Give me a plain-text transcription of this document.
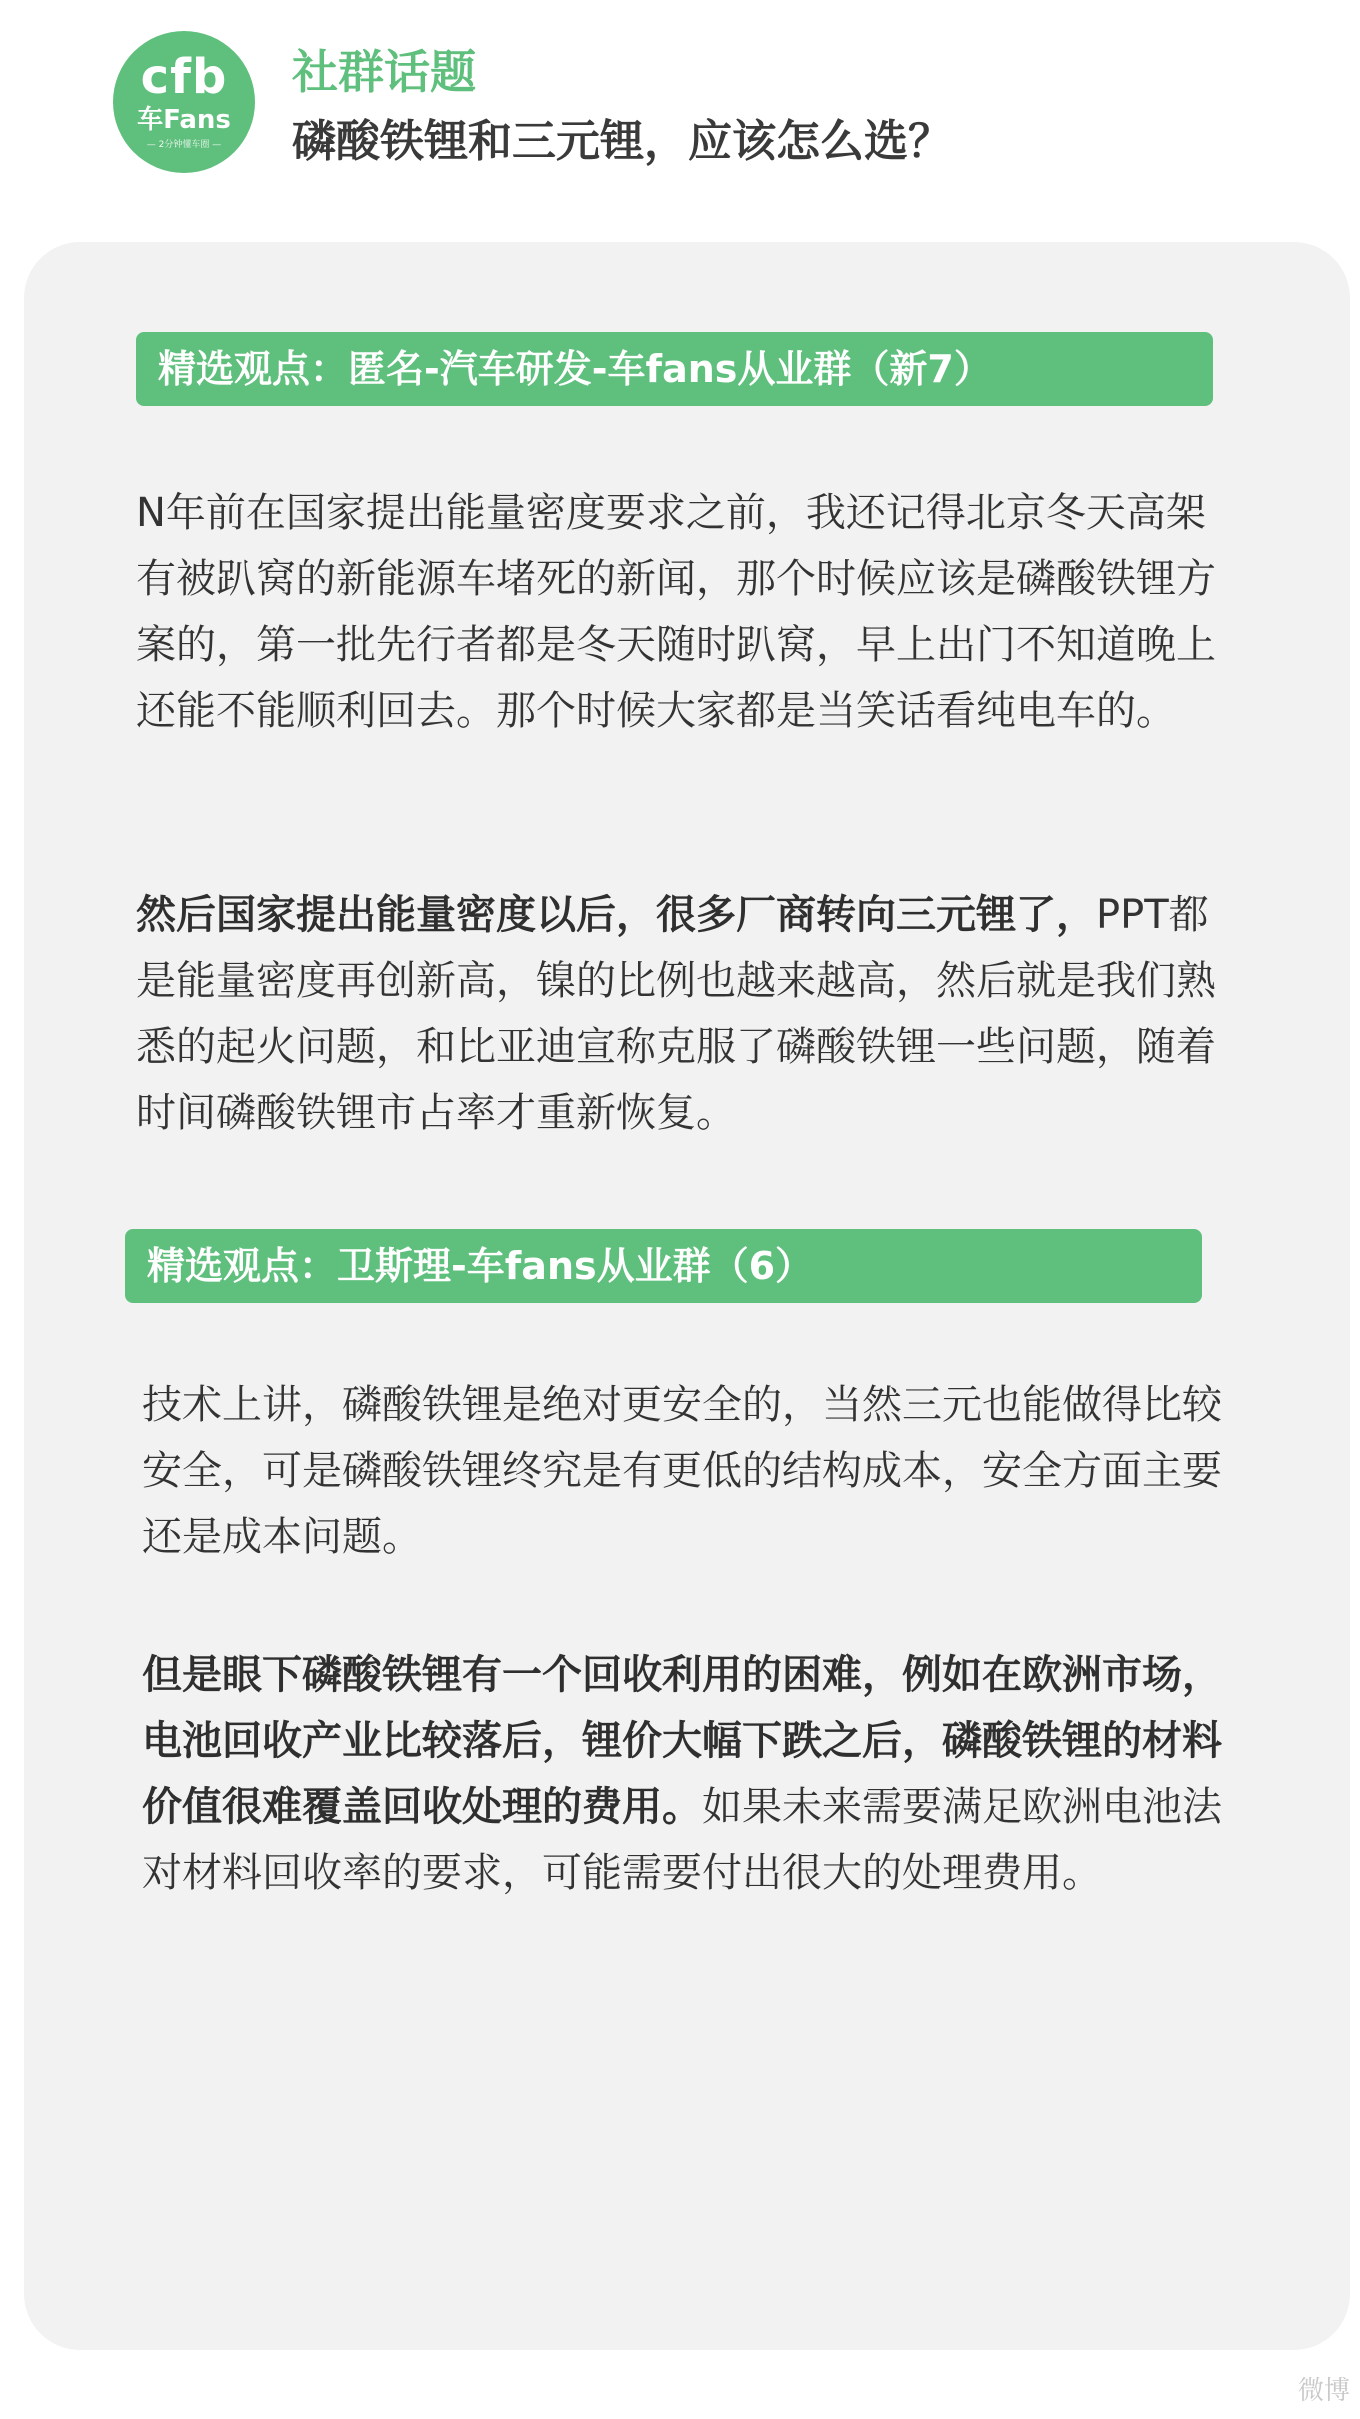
cfb
车Fans
— 2分钟懂车圈 —
社群话题
磷酸铁锂和三元锂，应该怎么选？
精选观点：匿名-汽车研发-车fans从业群（新7）

N年前在国家提出能量密度要求之前，我还记得北京冬天高架有被趴窝的新能源车堵死的新闻，那个时候应该是磷酸铁锂方案的，第一批先行者都是冬天随时趴窝，早上出门不知道晚上还能不能顺利回去。那个时候大家都是当笑话看纯电车的。

然后国家提出能量密度以后，很多厂商转向三元锂了，PPT都是能量密度再创新高，镍的比例也越来越高，然后就是我们熟悉的起火问题，和比亚迪宣称克服了磷酸铁锂一些问题，随着时间磷酸铁锂市占率才重新恢复。

精选观点：卫斯理-车fans从业群（6）

技术上讲，磷酸铁锂是绝对更安全的，当然三元也能做得比较安全，可是磷酸铁锂终究是有更低的结构成本，安全方面主要还是成本问题。

但是眼下磷酸铁锂有一个回收利用的困难，例如在欧洲市场，电池回收产业比较落后，锂价大幅下跌之后，磷酸铁锂的材料价值很难覆盖回收处理的费用。如果未来需要满足欧洲电池法对材料回收率的要求，可能需要付出很大的处理费用。

微博
